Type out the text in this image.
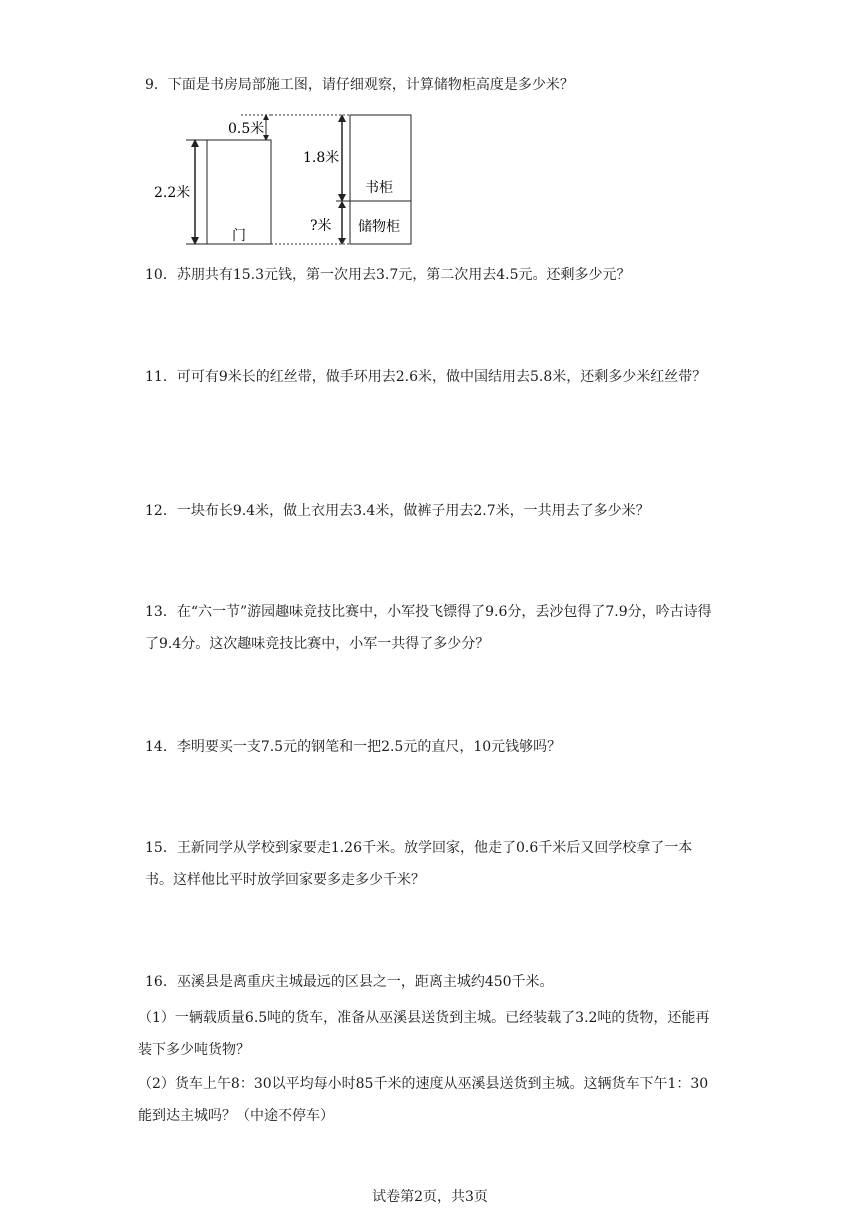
9．下面是书房局部施工图，请仔细观察，计算储物柜高度是多少米？
门
2.2米
0.5米
书柜
储物柜
1.8米
?米
10．苏朋共有15.3元钱，第一次用去3.7元，第二次用去4.5元。还剩多少元？
11．可可有9米长的红丝带，做手环用去2.6米，做中国结用去5.8米，还剩多少米红丝带？
12．一块布长9.4米，做上衣用去3.4米，做裤子用去2.7米，一共用去了多少米？
13．在“六一节”游园趣味竞技比赛中，小军投飞镖得了9.6分，丢沙包得了7.9分，吟古诗得了9.4分。这次趣味竞技比赛中，小军一共得了多少分？
14．李明要买一支7.5元的钢笔和一把2.5元的直尺，10元钱够吗？
15．王新同学从学校到家要走1.26千米。放学回家，他走了0.6千米后又回学校拿了一本书。这样他比平时放学回家要多走多少千米？
16．巫溪县是离重庆主城最远的区县之一，距离主城约450千米。
（1）一辆载质量6.5吨的货车，准备从巫溪县送货到主城。已经装载了3.2吨的货物，还能再装下多少吨货物？
（2）货车上午8：30以平均每小时85千米的速度从巫溪县送货到主城。这辆货车下午1：30能到达主城吗？（中途不停车）
试卷第2页，共3页
